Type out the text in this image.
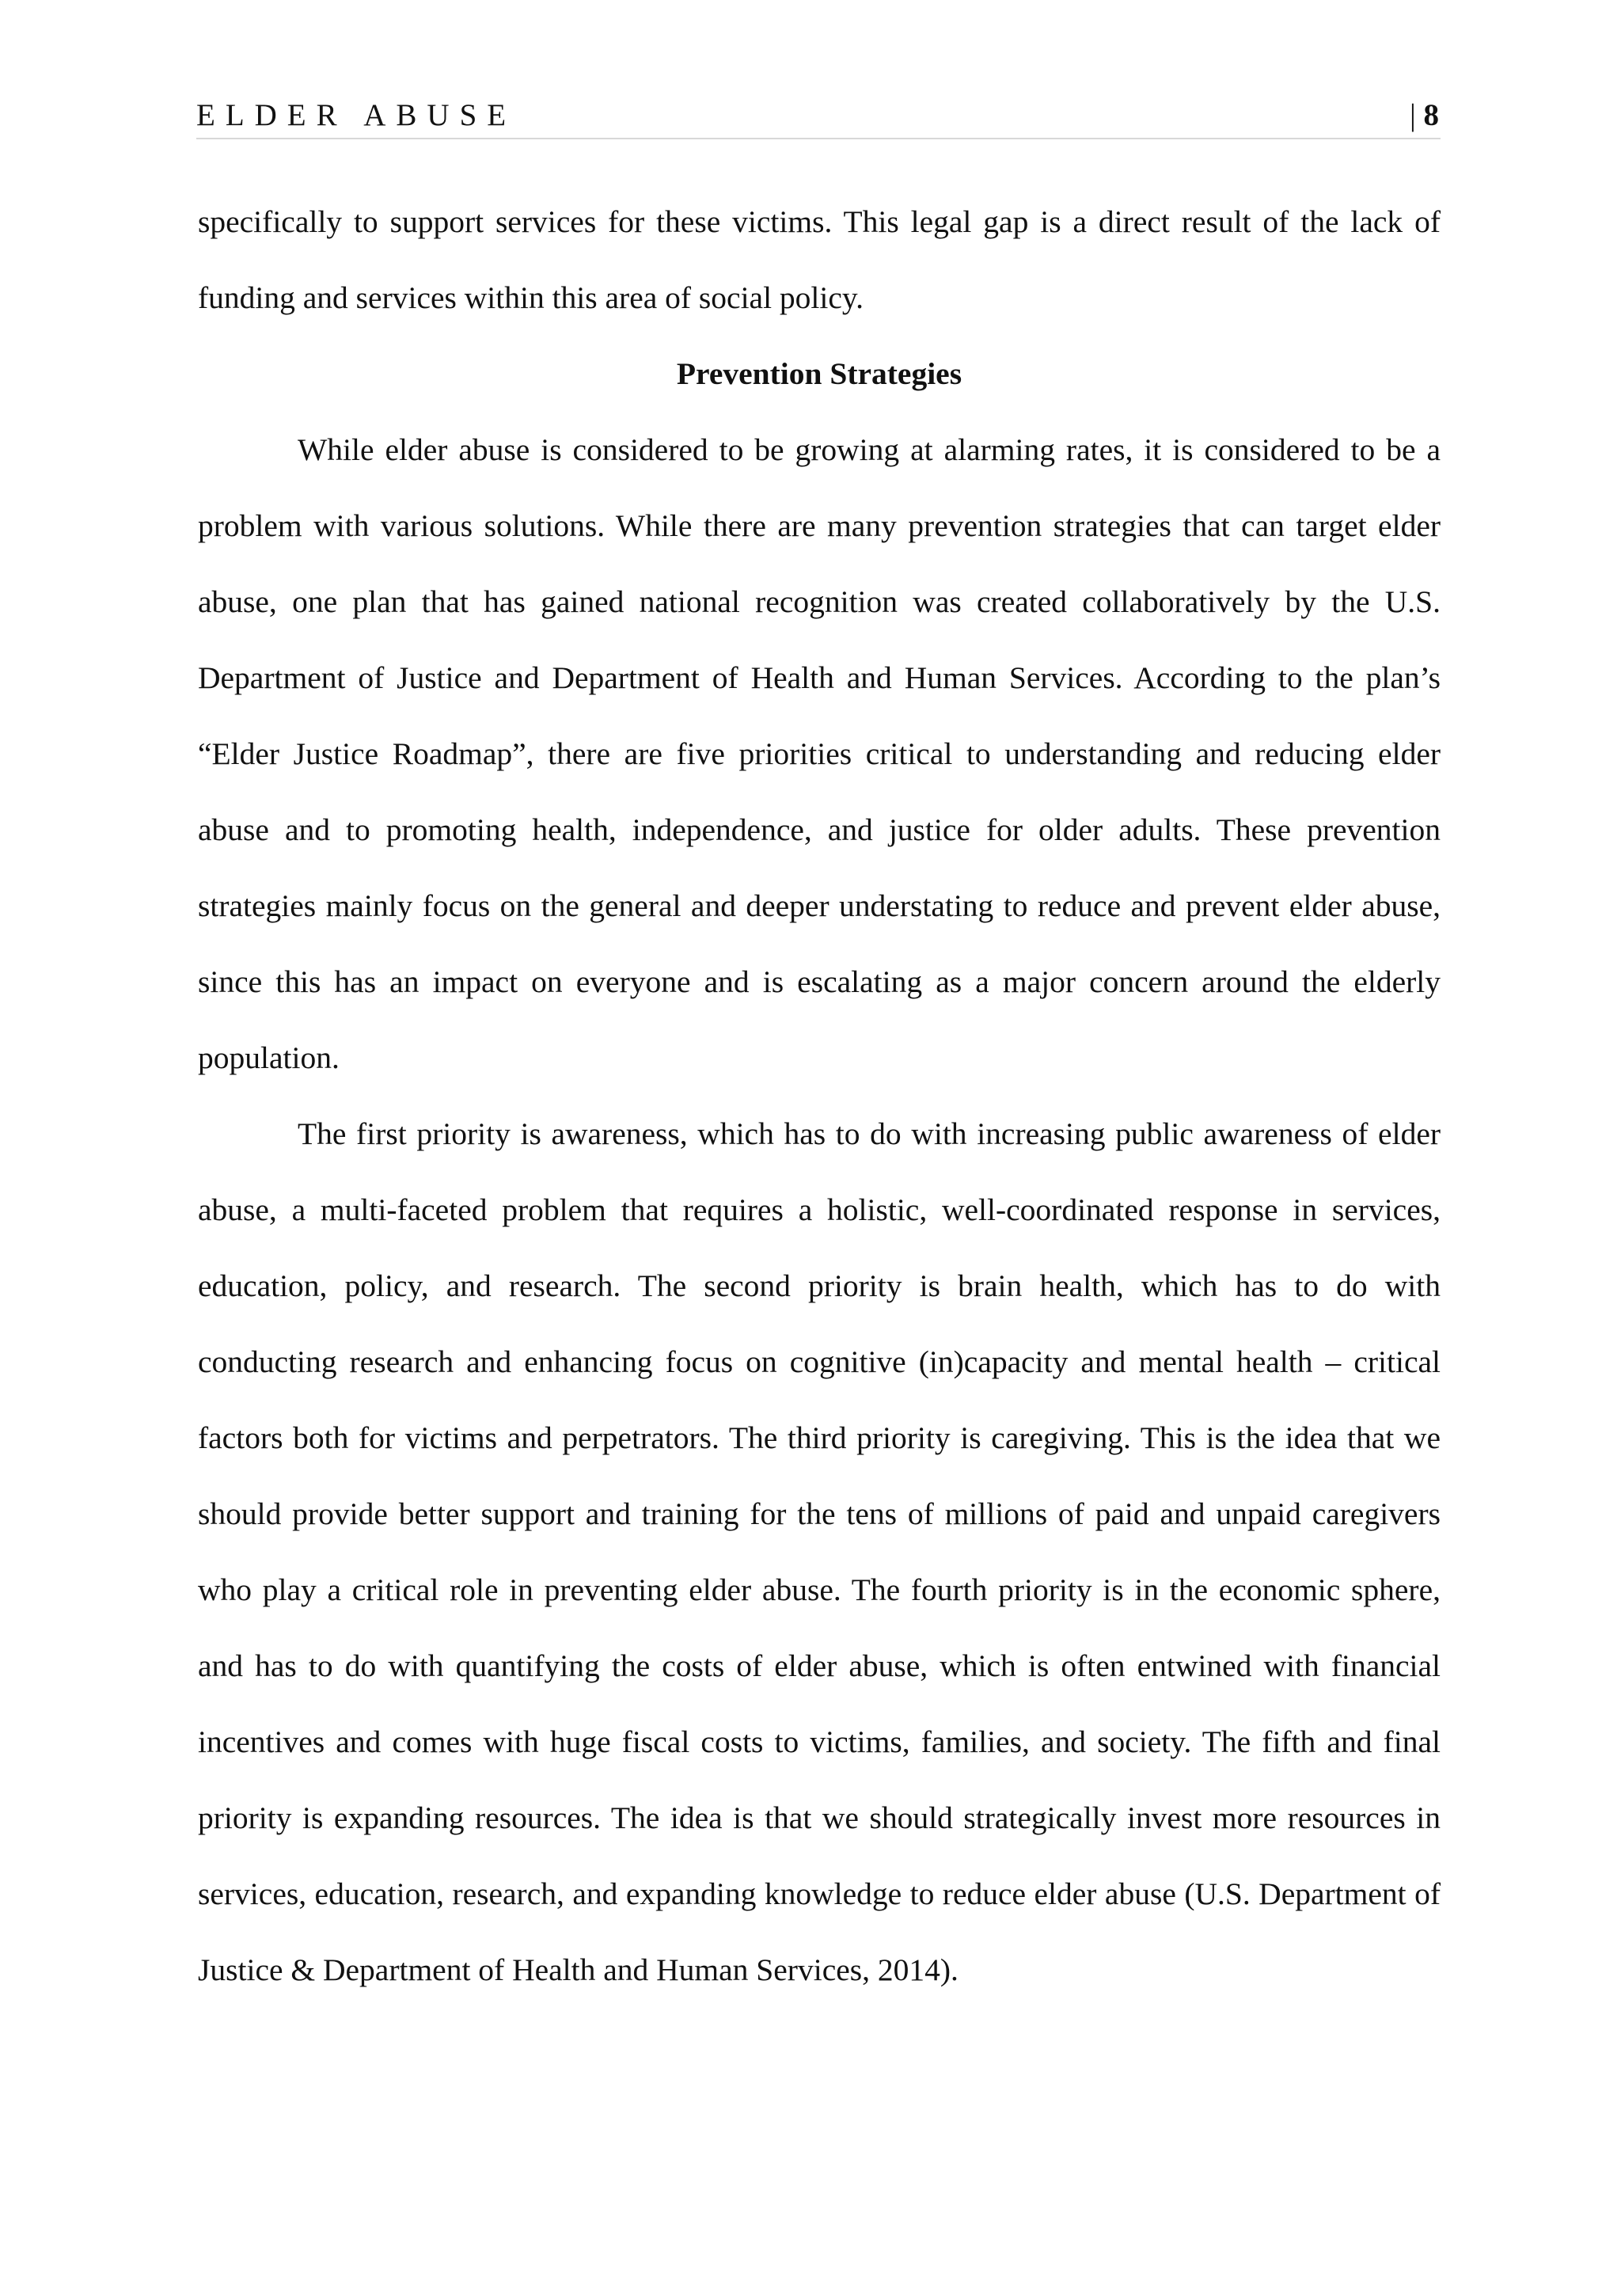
ELDER ABUSE	| 8

specifically to support services for these victims. This legal gap is a direct result of the lack of funding and services within this area of social policy.

Prevention Strategies

While elder abuse is considered to be growing at alarming rates, it is considered to be a problem with various solutions. While there are many prevention strategies that can target elder abuse, one plan that has gained national recognition was created collaboratively by the U.S. Department of Justice and Department of Health and Human Services. According to the plan’s “Elder Justice Roadmap”, there are five priorities critical to understanding and reducing elder abuse and to promoting health, independence, and justice for older adults. These prevention strategies mainly focus on the general and deeper understating to reduce and prevent elder abuse, since this has an impact on everyone and is escalating as a major concern around the elderly population.

The first priority is awareness, which has to do with increasing public awareness of elder abuse, a multi-faceted problem that requires a holistic, well-coordinated response in services, education, policy, and research. The second priority is brain health, which has to do with conducting research and enhancing focus on cognitive (in)capacity and mental health – critical factors both for victims and perpetrators. The third priority is caregiving. This is the idea that we should provide better support and training for the tens of millions of paid and unpaid caregivers who play a critical role in preventing elder abuse. The fourth priority is in the economic sphere, and has to do with quantifying the costs of elder abuse, which is often entwined with financial incentives and comes with huge fiscal costs to victims, families, and society. The fifth and final priority is expanding resources. The idea is that we should strategically invest more resources in services, education, research, and expanding knowledge to reduce elder abuse (U.S. Department of Justice & Department of Health and Human Services, 2014).
